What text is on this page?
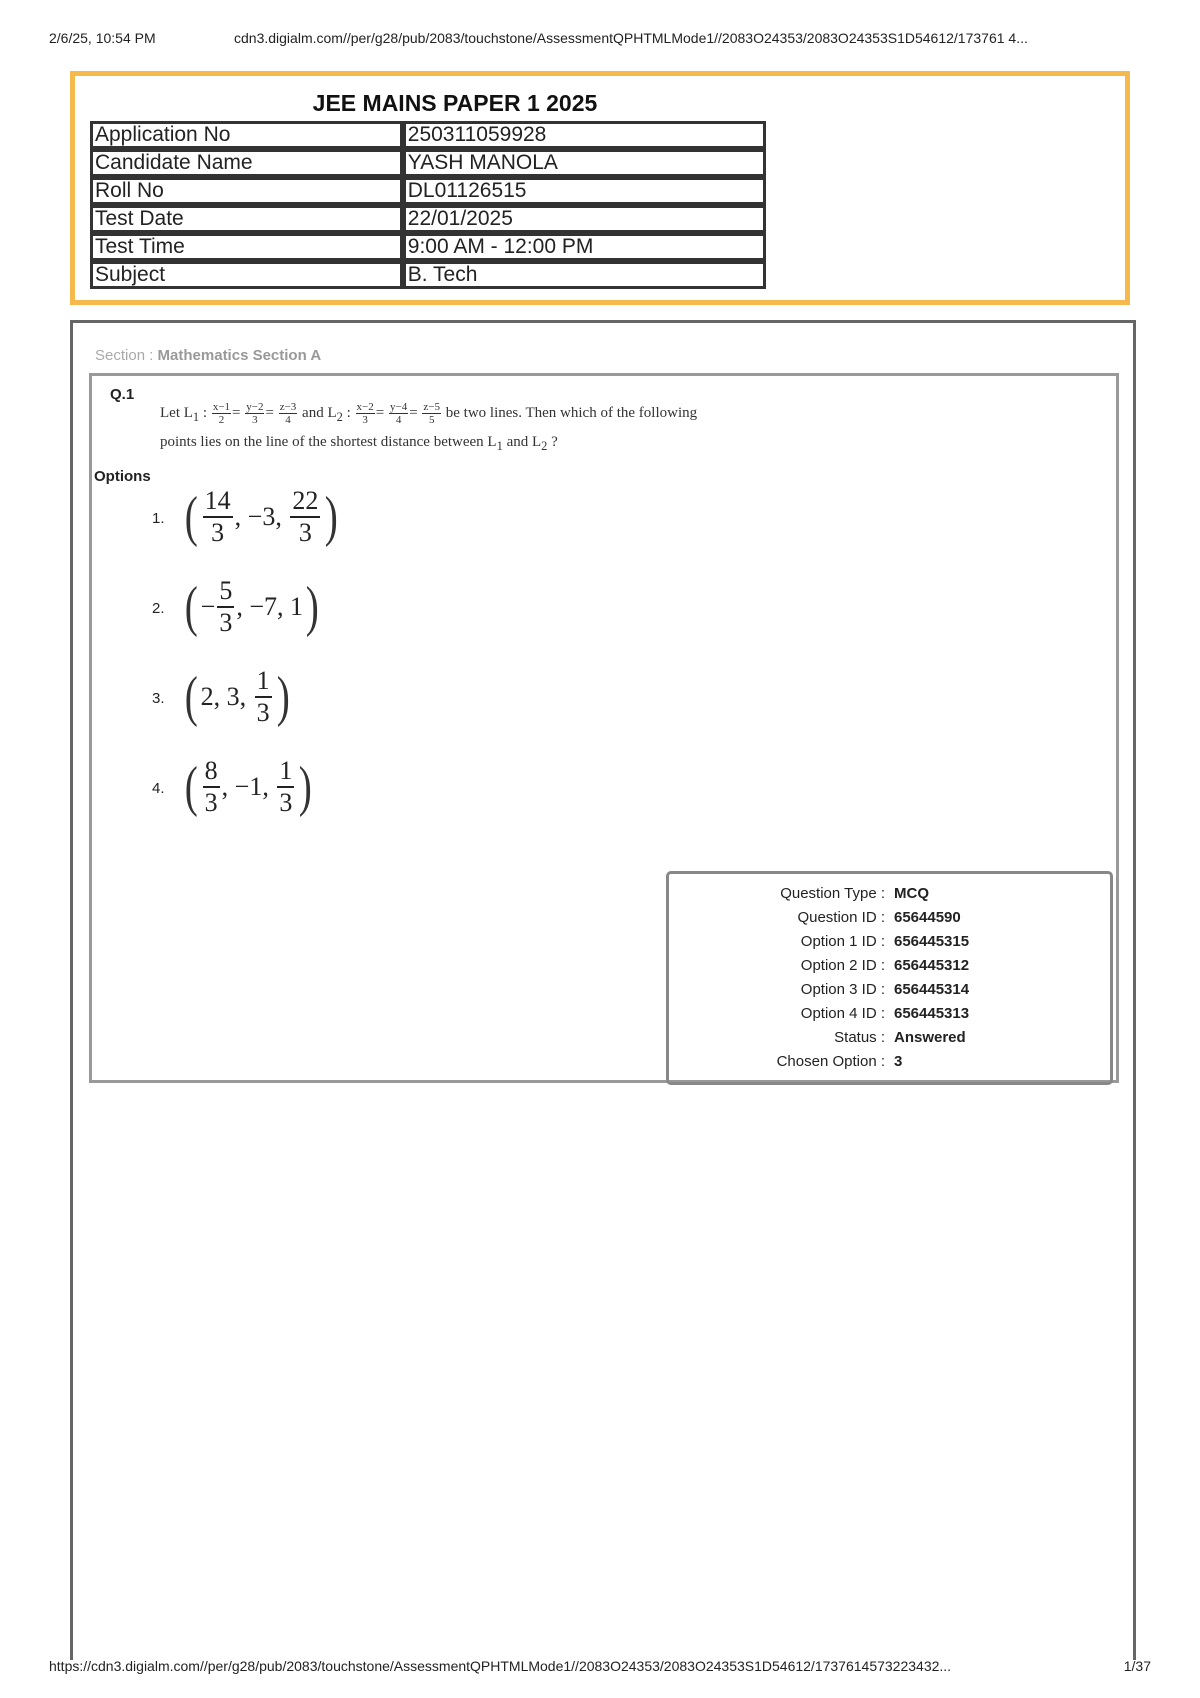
2/6/25, 10:54 PM	cdn3.digialm.com//per/g28/pub/2083/touchstone/AssessmentQPHTMLMode1//2083O24353/2083O24353S1D54612/173761 4...
JEE MAINS PAPER 1 2025
Application No	250311059928
Candidate Name	YASH MANOLA
Roll No	DL01126515
Test Date	22/01/2025
Test Time	9:00 AM - 12:00 PM
Subject	B. Tech
Section : Mathematics Section A
Q.1
Let $L_1$ : $\frac{x-1}{2} = \frac{y-2}{3} = \frac{z-3}{4}$ and $L_2$ : $\frac{x-2}{3} = \frac{y-4}{4} = \frac{z-5}{5}$ be two lines. Then which of the following
points lies on the line of the shortest distance between $L_1$ and $L_2$ ?
Options
1. ( 14
3
, −3,
22
3 )
2. ( − $\frac{5}{3}$ , −7, 1 )
3. ( 2, 3,
1
3 )
4. ( 8
3
, −1,
1
3 )
Question Type : MCQ
Question ID : 65644590
Option 1 ID : 656445315
Option 2 ID : 656445312
Option 3 ID : 656445314
Option 4 ID : 656445313
Status : Answered
Chosen Option : 3
https://cdn3.digialm.com//per/g28/pub/2083/touchstone/AssessmentQPHTMLMode1//2083O24353/2083O24353S1D54612/1737614573223432...	1/37
